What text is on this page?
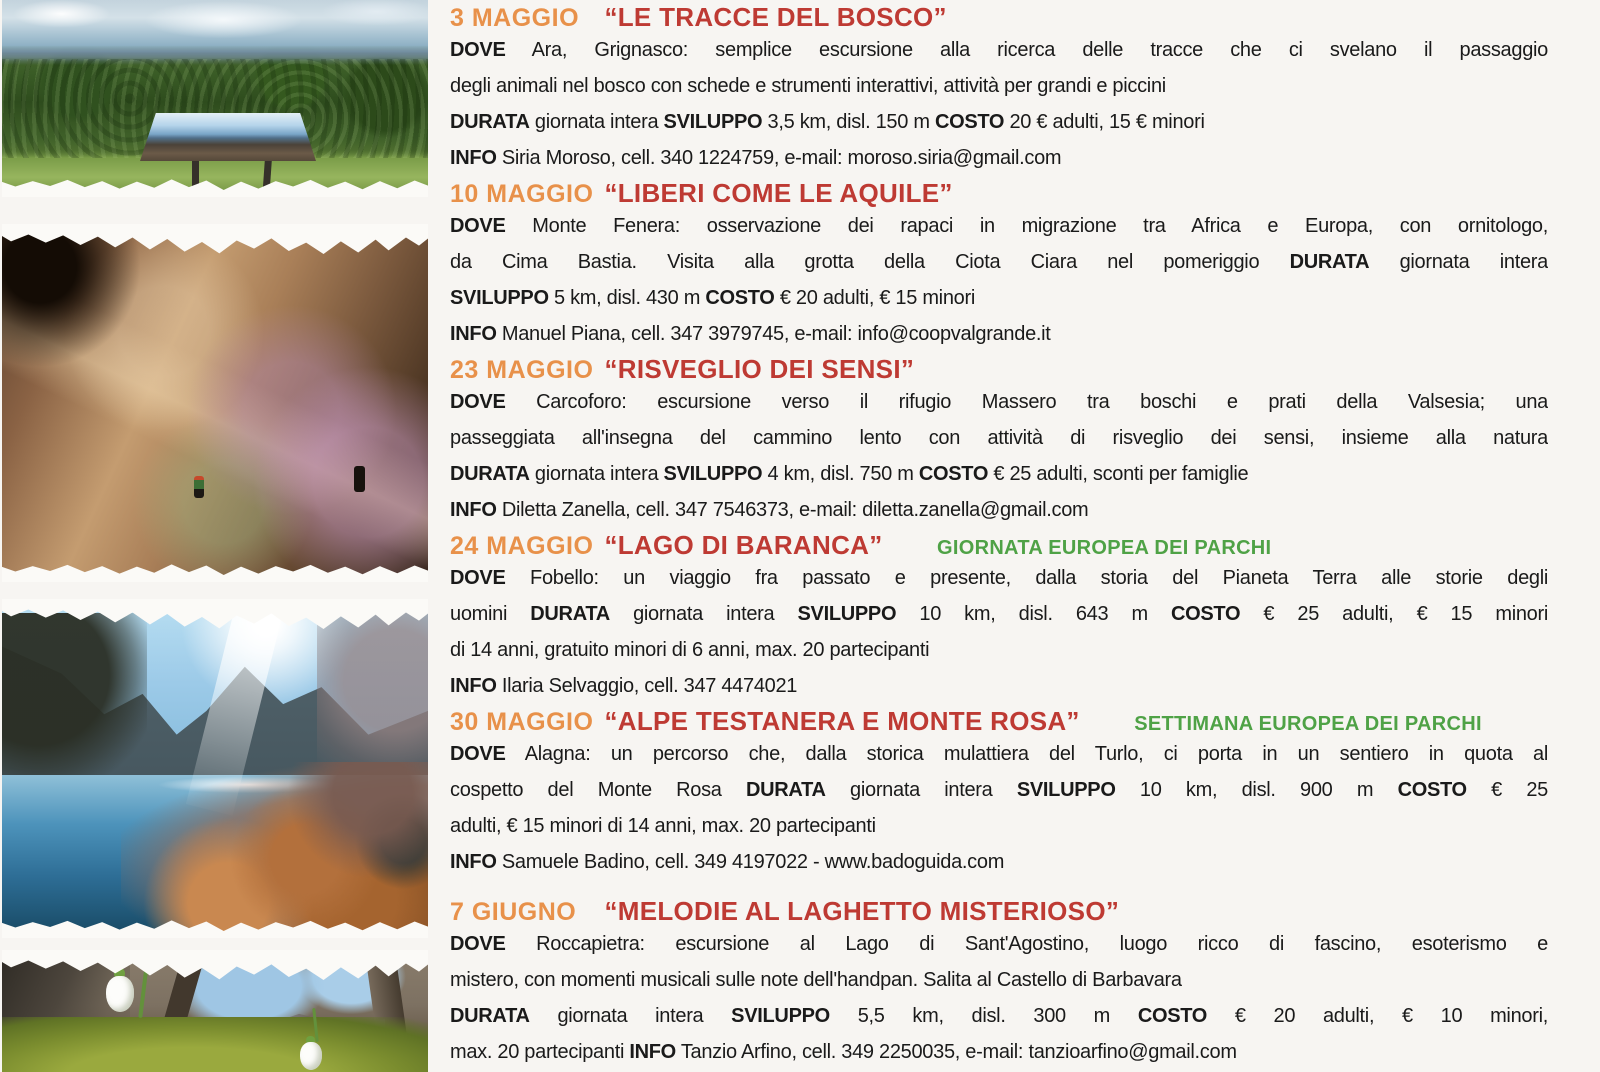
3 MAGGIO “LE TRACCE DEL BOSCO”
DOVE Ara, Grignasco: semplice escursione alla ricerca delle tracce che ci svelano il passaggio
degli animali nel bosco con schede e strumenti interattivi, attività per grandi e piccini
DURATA giornata intera SVILUPPO 3,5 km, disl. 150 m COSTO 20 € adulti, 15 € minori
INFO Siria Moroso, cell. 340 1224759, e-mail: moroso.siria@gmail.com
10 MAGGIO “LIBERI COME LE AQUILE”
DOVE Monte Fenera: osservazione dei rapaci in migrazione tra Africa e Europa, con ornitologo,
da Cima Bastia. Visita alla grotta della Ciota Ciara nel pomeriggio DURATA giornata intera
SVILUPPO 5 km, disl. 430 m COSTO € 20 adulti, € 15 minori
INFO Manuel Piana, cell. 347 3979745, e-mail: info@coopvalgrande.it
23 MAGGIO “RISVEGLIO DEI SENSI”
DOVE Carcoforo: escursione verso il rifugio Massero tra boschi e prati della Valsesia; una
passeggiata all'insegna del cammino lento con attività di risveglio dei sensi, insieme alla natura
DURATA giornata intera SVILUPPO 4 km, disl. 750 m COSTO € 25 adulti, sconti per famiglie
INFO Diletta Zanella, cell. 347 7546373, e-mail: diletta.zanella@gmail.com
24 MAGGIO “LAGO DI BARANCA”	GIORNATA EUROPEA DEI PARCHI
DOVE Fobello: un viaggio fra passato e presente, dalla storia del Pianeta Terra alle storie degli
uomini DURATA giornata intera SVILUPPO 10 km, disl. 643 m COSTO € 25 adulti, € 15 minori
di 14 anni, gratuito minori di 6 anni, max. 20 partecipanti
INFO Ilaria Selvaggio, cell. 347 4474021
30 MAGGIO “ALPE TESTANERA E MONTE ROSA”	SETTIMANA EUROPEA DEI PARCHI
DOVE Alagna: un percorso che, dalla storica mulattiera del Turlo, ci porta in un sentiero in quota al
cospetto del Monte Rosa DURATA giornata intera SVILUPPO 10 km, disl. 900 m COSTO € 25
adulti, € 15 minori di 14 anni, max. 20 partecipanti
INFO Samuele Badino, cell. 349 4197022 - www.badoguida.com
7 GIUGNO “MELODIE AL LAGHETTO MISTERIOSO”
DOVE Roccapietra: escursione al Lago di Sant'Agostino, luogo ricco di fascino, esoterismo e
mistero, con momenti musicali sulle note dell'handpan. Salita al Castello di Barbavara
DURATA giornata intera SVILUPPO 5,5 km, disl. 300 m COSTO € 20 adulti, € 10 minori,
max. 20 partecipanti INFO Tanzio Arfino, cell. 349 2250035, e-mail: tanzioarfino@gmail.com
